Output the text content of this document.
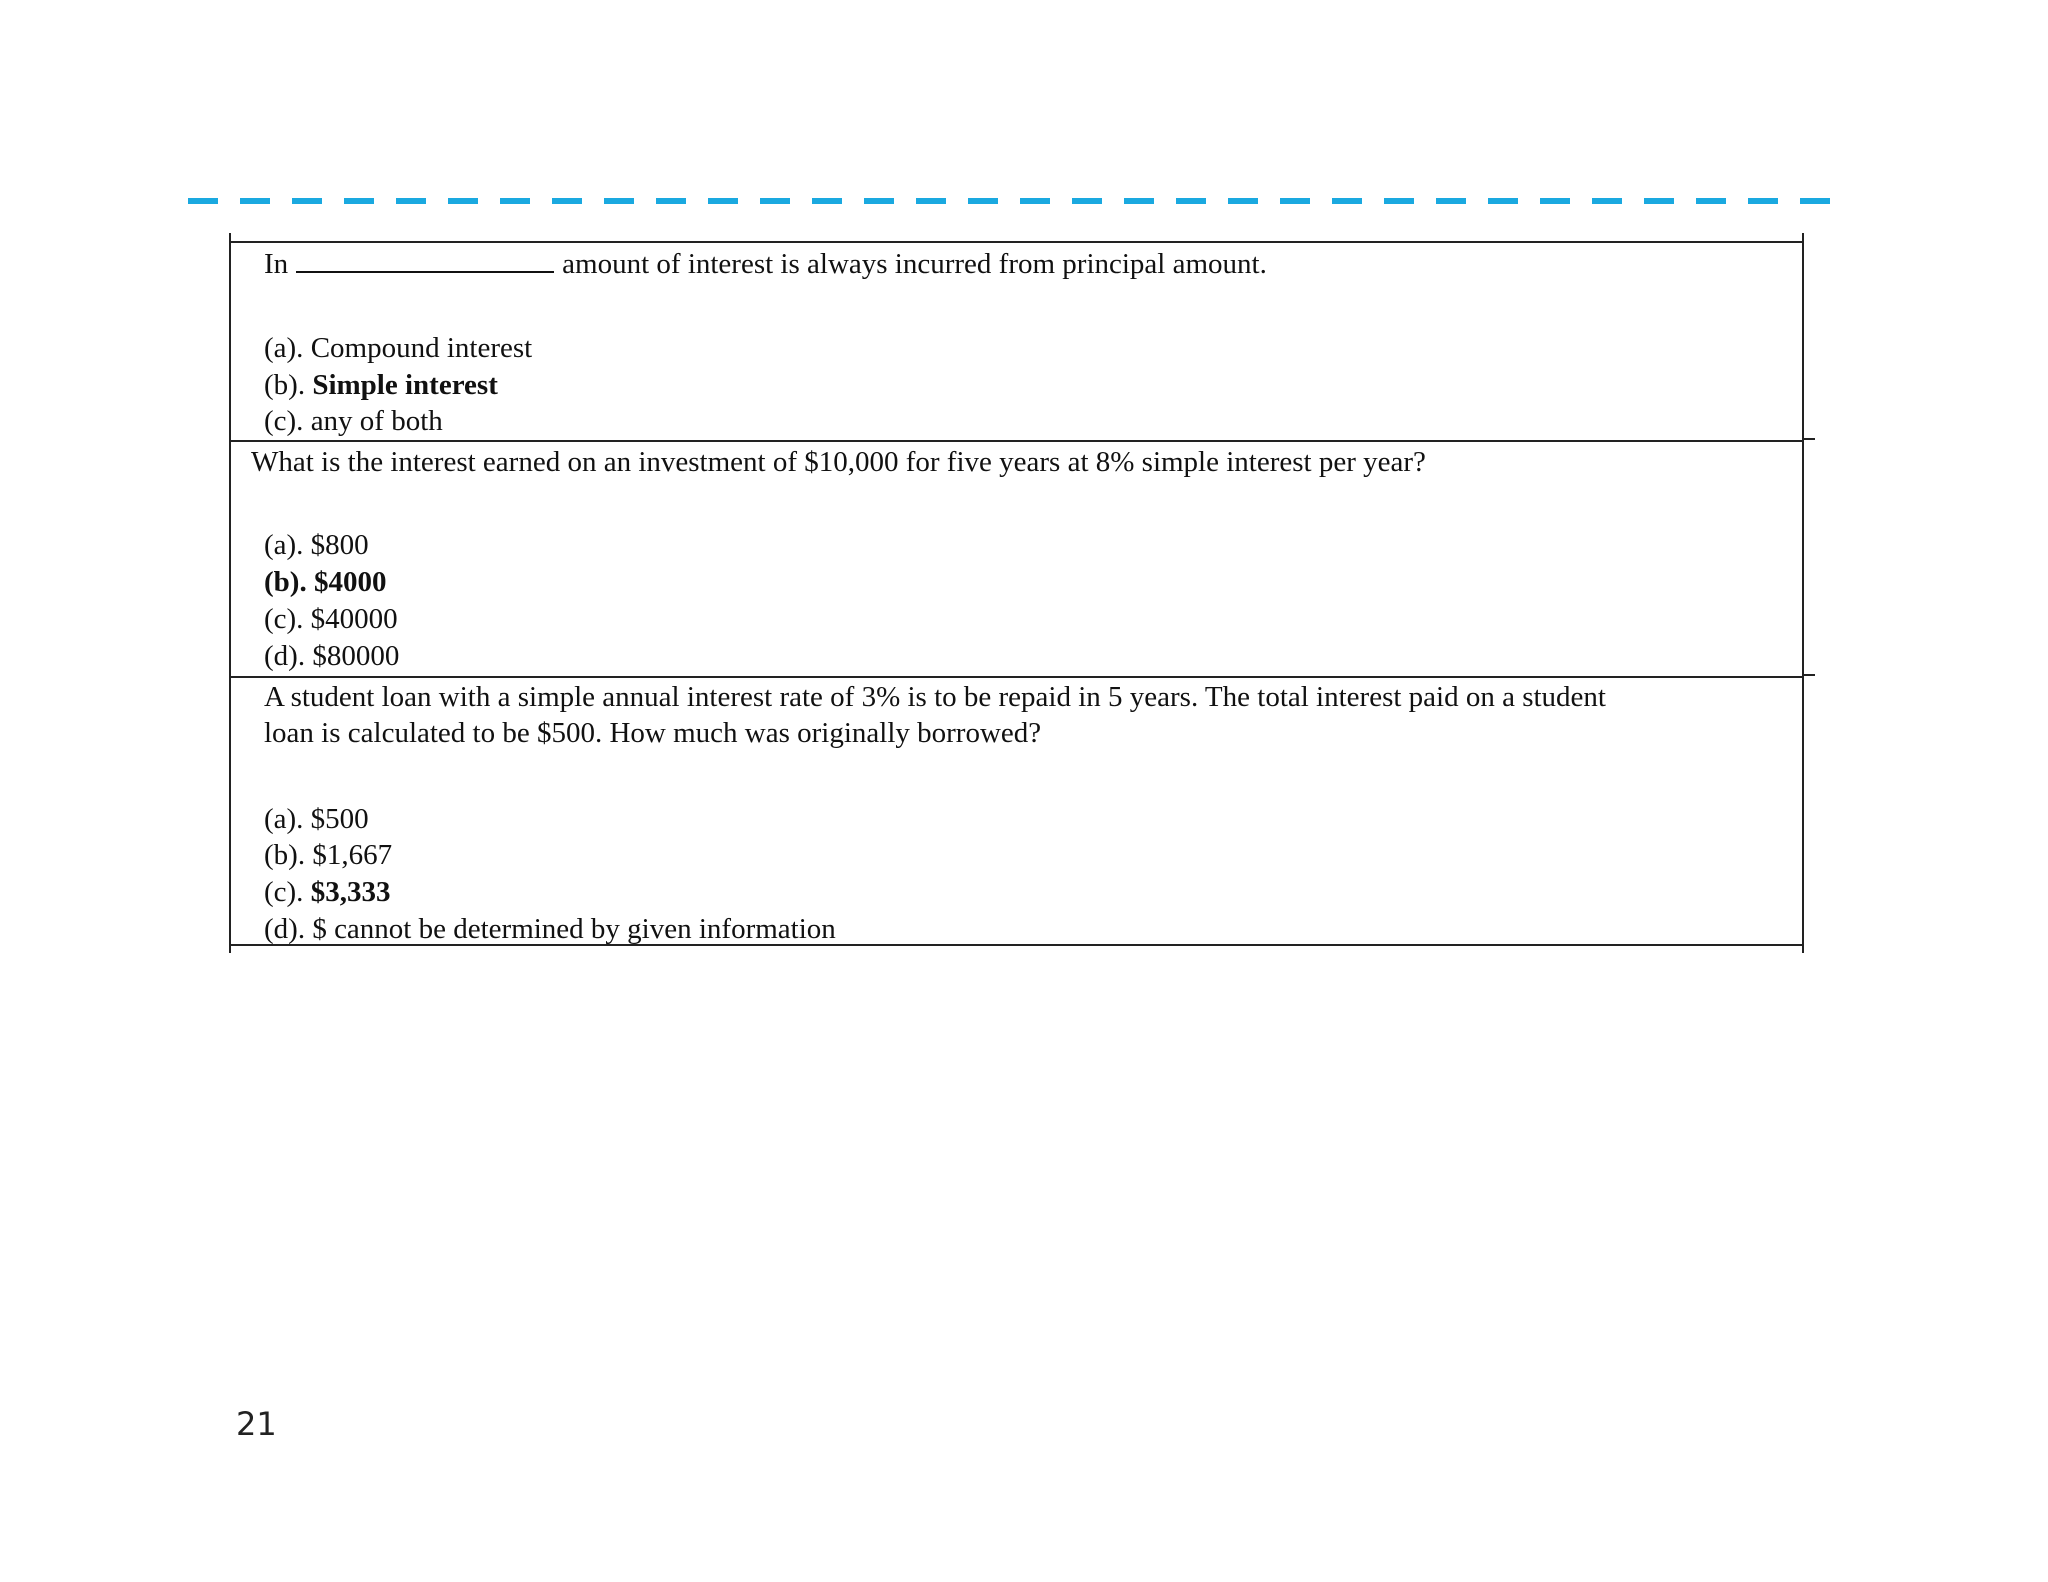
In	amount of interest is always incurred from principal amount.
(a). Compound interest
(b). Simple interest
(c). any of both
What is the interest earned on an investment of $10,000 for five years at 8% simple interest per year?
(a). $800
(b). $4000
(c). $40000
(d). $80000
A student loan with a simple annual interest rate of 3% is to be repaid in 5 years. The total interest paid on a student
loan is calculated to be $500. How much was originally borrowed?
(a). $500
(b). $1,667
(c). $3,333
(d). $ cannot be determined by given information
21
